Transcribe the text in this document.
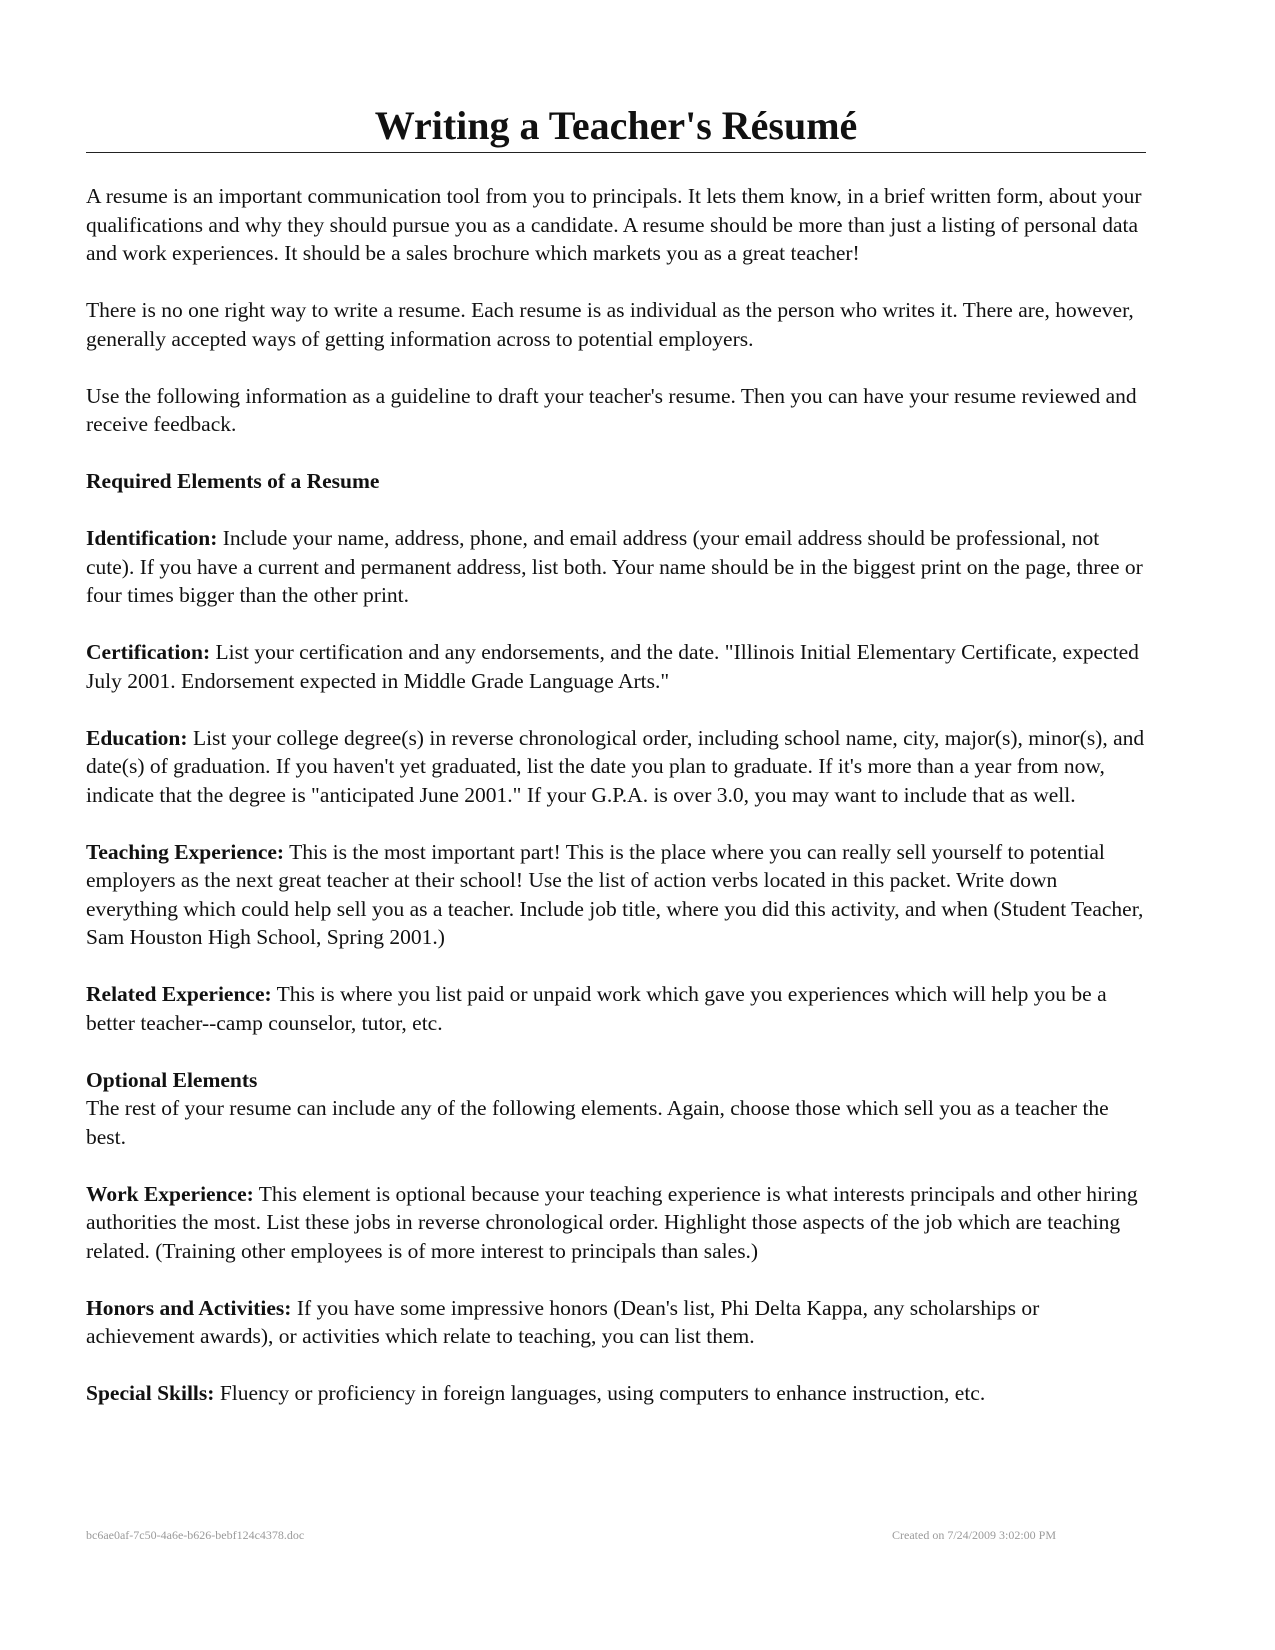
Writing a Teacher's Résumé

A resume is an important communication tool from you to principals. It lets them know, in a brief written form, about your qualifications and why they should pursue you as a candidate. A resume should be more than just a listing of personal data and work experiences. It should be a sales brochure which markets you as a great teacher!

There is no one right way to write a resume. Each resume is as individual as the person who writes it. There are, however, generally accepted ways of getting information across to potential employers.

Use the following information as a guideline to draft your teacher's resume. Then you can have your resume reviewed and receive feedback.

Required Elements of a Resume

Identification: Include your name, address, phone, and email address (your email address should be professional, not cute). If you have a current and permanent address, list both. Your name should be in the biggest print on the page, three or four times bigger than the other print.

Certification: List your certification and any endorsements, and the date. "Illinois Initial Elementary Certificate, expected July 2001. Endorsement expected in Middle Grade Language Arts."

Education: List your college degree(s) in reverse chronological order, including school name, city, major(s), minor(s), and date(s) of graduation. If you haven't yet graduated, list the date you plan to graduate. If it's more than a year from now, indicate that the degree is "anticipated June 2001." If your G.P.A. is over 3.0, you may want to include that as well.

Teaching Experience: This is the most important part! This is the place where you can really sell yourself to potential employers as the next great teacher at their school! Use the list of action verbs located in this packet. Write down everything which could help sell you as a teacher. Include job title, where you did this activity, and when (Student Teacher, Sam Houston High School, Spring 2001.)

Related Experience: This is where you list paid or unpaid work which gave you experiences which will help you be a better teacher--camp counselor, tutor, etc.

Optional Elements

The rest of your resume can include any of the following elements. Again, choose those which sell you as a teacher the best.

Work Experience: This element is optional because your teaching experience is what interests principals and other hiring authorities the most. List these jobs in reverse chronological order. Highlight those aspects of the job which are teaching related. (Training other employees is of more interest to principals than sales.)

Honors and Activities: If you have some impressive honors (Dean's list, Phi Delta Kappa, any scholarships or achievement awards), or activities which relate to teaching, you can list them.

Special Skills: Fluency or proficiency in foreign languages, using computers to enhance instruction, etc.

bc6ae0af-7c50-4a6e-b626-bebf124c4378.doc	Created on 7/24/2009 3:02:00 PM
